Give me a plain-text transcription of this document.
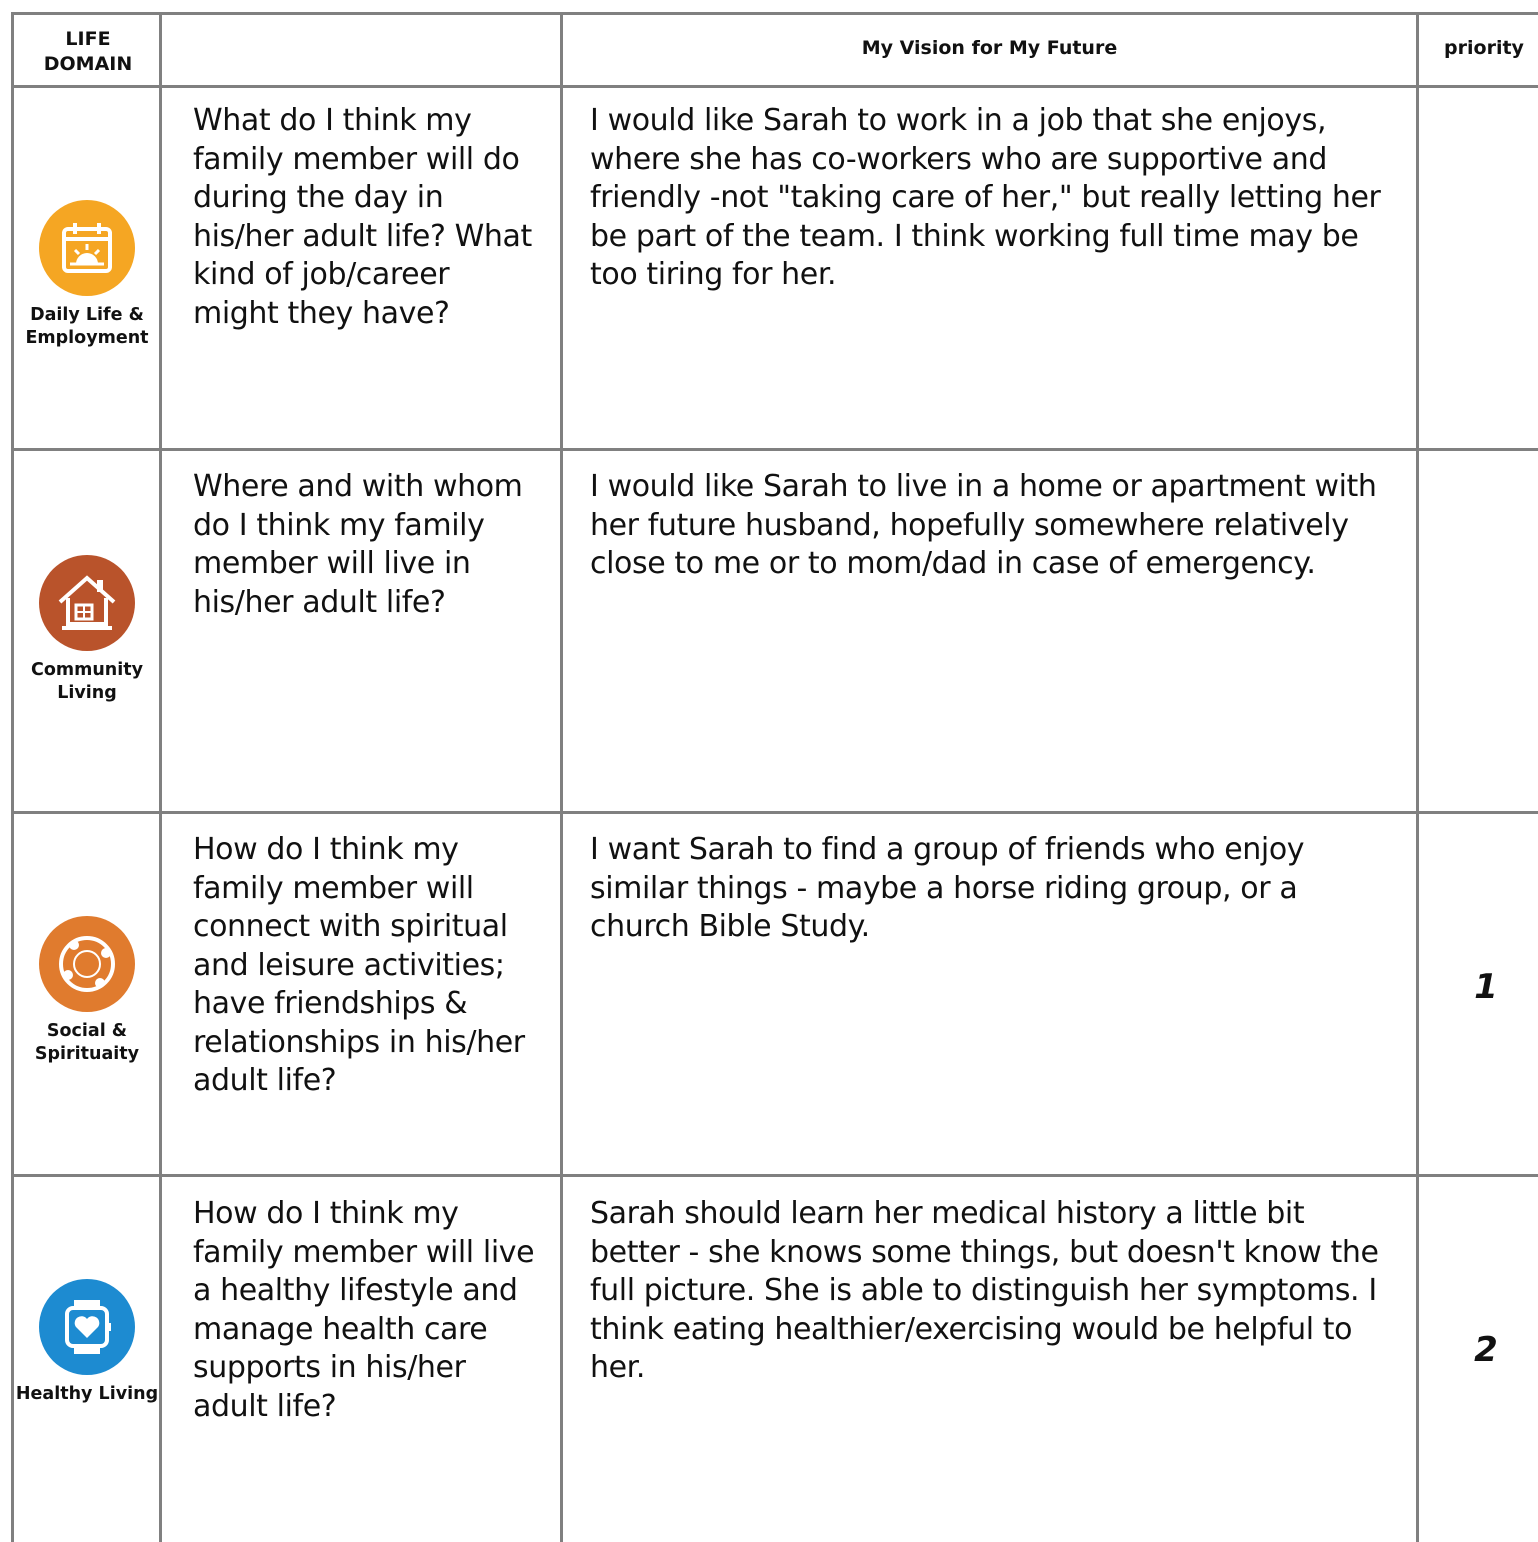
LIFE DOMAIN
My Vision for My Future	priority
Daily Life & Employment
What do I think my family member will do during the day in his/her adult life? What kind of job/career might they have?
I would like Sarah to work in a job that she enjoys, where she has co-workers who are supportive and friendly -not "taking care of her," but really letting her be part of the team. I think working full time may be too tiring for her.
Community Living
Where and with whom do I think my family member will live in his/her adult life?
I would like Sarah to live in a home or apartment with her future husband, hopefully somewhere relatively close to me or to mom/dad in case of emergency.
Social & Spirituaity
How do I think my family member will connect with spiritual and leisure activities; have friendships & relationships in his/her adult life?
I want Sarah to find a group of friends who enjoy similar things - maybe a horse riding group, or a church Bible Study.
1
Healthy Living
How do I think my family member will live a healthy lifestyle and manage health care supports in his/her adult life?
Sarah should learn her medical history a little bit better - she knows some things, but doesn't know the full picture. She is able to distinguish her symptoms. I think eating healthier/exercising would be helpful to her.	2
